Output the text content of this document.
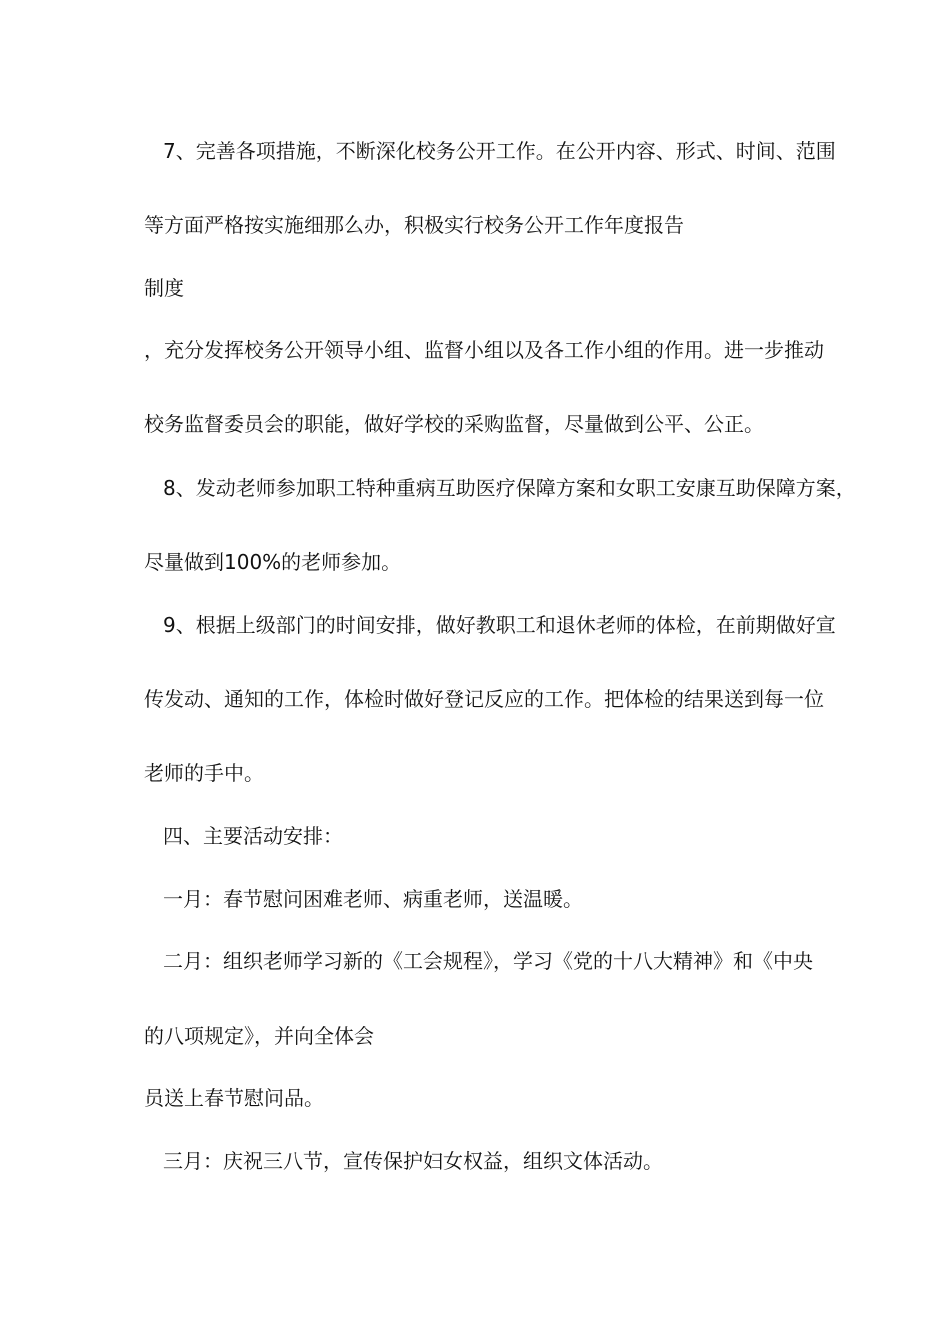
7、完善各项措施，不断深化校务公开工作。在公开内容、形式、时间、范围
等方面严格按实施细那么办，积极实行校务公开工作年度报告
制度
，充分发挥校务公开领导小组、监督小组以及各工作小组的作用。进一步推动
校务监督委员会的职能，做好学校的采购监督，尽量做到公平、公正。
8、发动老师参加职工特种重病互助医疗保障方案和女职工安康互助保障方案，
尽量做到100%的老师参加。
9、根据上级部门的时间安排，做好教职工和退休老师的体检，在前期做好宣
传发动、通知的工作，体检时做好登记反应的工作。把体检的结果送到每一位
老师的手中。
四、主要活动安排：
一月：春节慰问困难老师、病重老师，送温暖。
二月：组织老师学习新的《工会规程》，学习《党的十八大精神》和《中央
的八项规定》，并向全体会
员送上春节慰问品。
三月：庆祝三八节，宣传保护妇女权益，组织文体活动。
